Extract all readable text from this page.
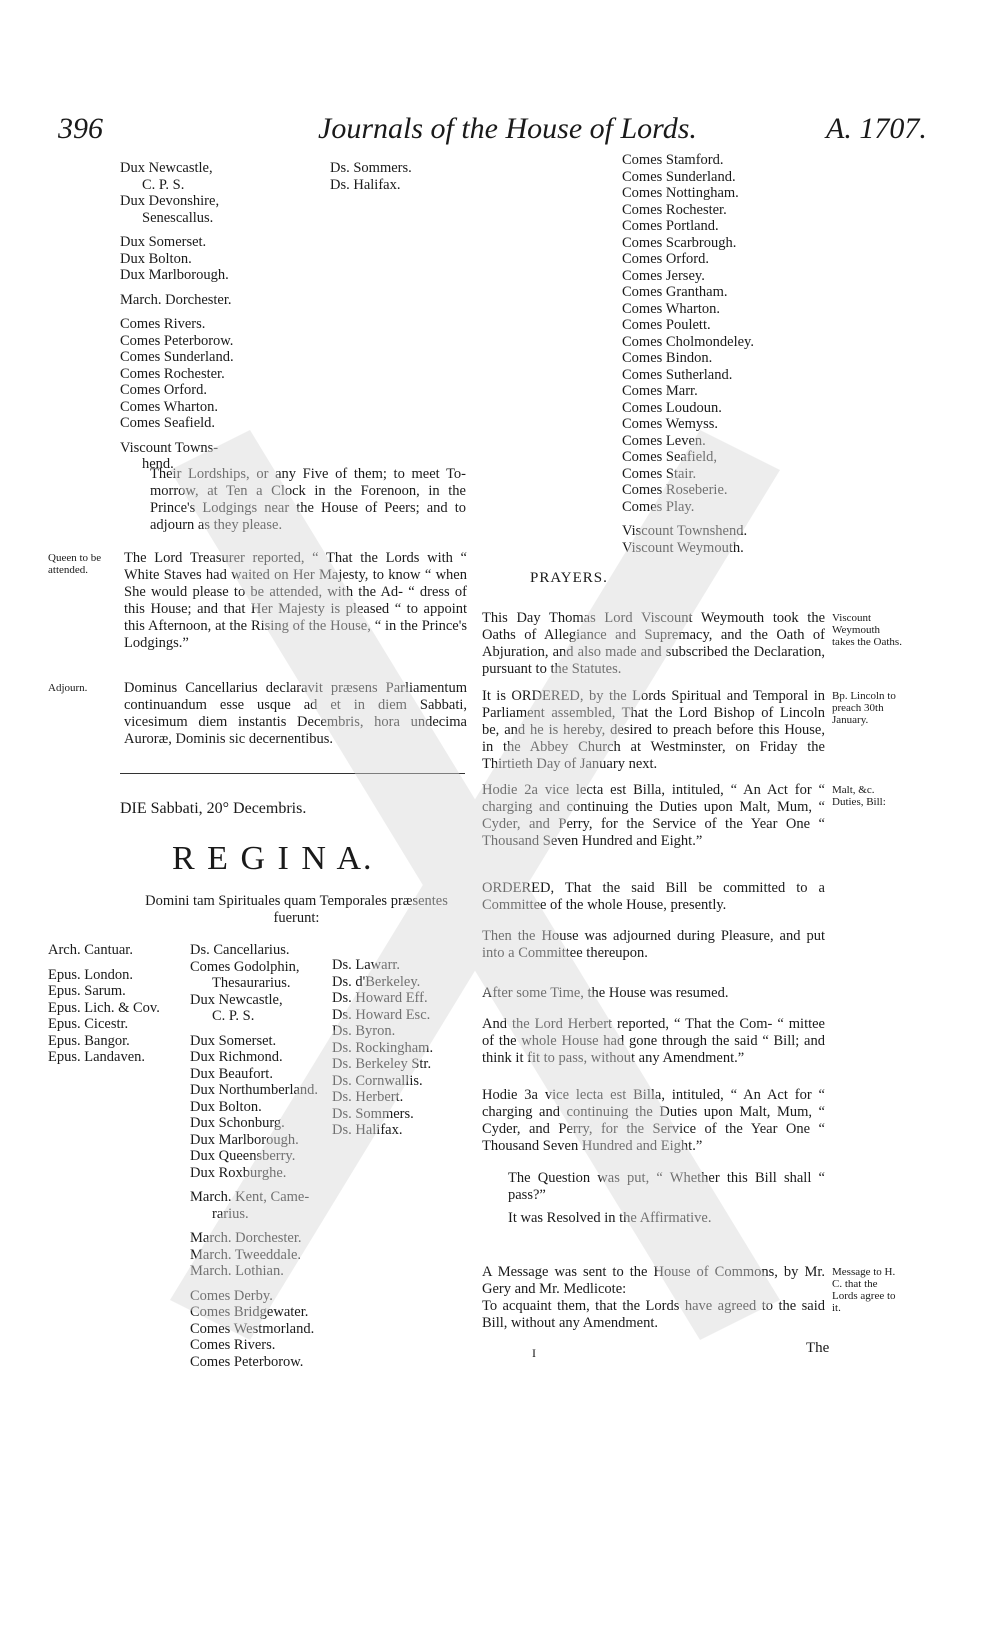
396	Journals of the House of Lords.	A. 1707.
Dux Newcastle,
C. P. S.
Dux Devonshire,
Senescallus.
Dux Somerset.
Dux Bolton.
Dux Marlborough.
March. Dorchester.
Comes Rivers.
Comes Peterborow.
Comes Sunderland.
Comes Rochester.
Comes Orford.
Comes Wharton.
Comes Seafield.
Viscount Towns-
hend.
Ds. Sommers.
Ds. Halifax.
Their Lordships, or any Five of them; to meet To-morrow, at Ten a Clock in the Forenoon, in the Prince's Lodgings near the House of Peers; and to adjourn as they please.
Comes Stamford.
Comes Sunderland.
Comes Nottingham.
Comes Rochester.
Comes Portland.
Comes Scarbrough.
Comes Orford.
Comes Jersey.
Comes Grantham.
Comes Wharton.
Comes Poulett.
Comes Cholmondeley.
Comes Bindon.
Comes Sutherland.
Comes Marr.
Comes Loudoun.
Comes Wemyss.
Comes Leven.
Comes Seafield,
Comes Stair.
Comes Roseberie.
Comes Play.
Viscount Townshend.
Viscount Weymouth.
Queen to be attended.
The Lord Treasurer reported, “ That the Lords with “ White Staves had waited on Her Majesty, to know “ when She would please to be attended, with the Ad- “ dress of this House; and that Her Majesty is pleased “ to appoint this Afternoon, at the Rising of the House, “ in the Prince's Lodgings.”
Adjourn.	Dominus Cancellarius declaravit præsens Parliamentum continuandum esse usque ad et in diem Sabbati, vicesimum diem instantis Decembris, hora undecima Auroræ, Dominis sic decernentibus.
DIE Sabbati, 20° Decembris.
R E G I N A.
Domini tam Spirituales quam Temporales præsentes fuerunt:
Arch. Cantuar.
Epus. London.
Epus. Sarum.
Epus. Lich. & Cov.
Epus. Cicestr.
Epus. Bangor.
Epus. Landaven.
Ds. Cancellarius.
Comes Godolphin,
Thesaurarius.
Dux Newcastle,
C. P. S.
Dux Somerset.
Dux Richmond.
Dux Beaufort.
Dux Northumberland.
Dux Bolton.
Dux Schonburg.
Dux Marlborough.
Dux Queensberry.
Dux Roxburghe.
March. Kent, Came-
rarius.
March. Dorchester.
March. Tweeddale.
March. Lothian.
Comes Derby.
Comes Bridgewater.
Comes Westmorland.
Comes Rivers.
Comes Peterborow.
Ds. Lawarr.
Ds. d'Berkeley.
Ds. Howard Eff.
Ds. Howard Esc.
Ds. Byron.
Ds. Rockingham.
Ds. Berkeley Str.
Ds. Cornwallis.
Ds. Herbert.
Ds. Sommers.
Ds. Halifax.
PRAYERS.
This Day Thomas Lord Viscount Weymouth took the Oaths of Allegiance and Supremacy, and the Oath of Abjuration, and also made and subscribed the Declaration, pursuant to the Statutes.
Viscount Weymouth takes the Oaths.
It is ORDERED, by the Lords Spiritual and Temporal in Parliament assembled, That the Lord Bishop of Lincoln be, and he is hereby, desired to preach before this House, in the Abbey Church at Westminster, on Friday the Thirtieth Day of January next.
Bp. Lincoln to preach 30th January.
Hodie 2a vice lecta est Billa, intituled, “ An Act for “ charging and continuing the Duties upon Malt, Mum, “ Cyder, and Perry, for the Service of the Year One “ Thousand Seven Hundred and Eight.”
Malt, &c. Duties, Bill:
ORDERED, That the said Bill be committed to a Committee of the whole House, presently.
Then the House was adjourned during Pleasure, and put into a Committee thereupon.
After some Time, the House was resumed.
And the Lord Herbert reported, “ That the Com- “ mittee of the whole House had gone through the said “ Bill; and think it fit to pass, without any Amendment.”
Hodie 3a vice lecta est Billa, intituled, “ An Act for “ charging and continuing the Duties upon Malt, Mum, “ Cyder, and Perry, for the Service of the Year One “ Thousand Seven Hundred and Eight.”
The Question was put, “ Whether this Bill shall “ pass?”
It was Resolved in the Affirmative.
A Message was sent to the House of Commons, by Mr. Gery and Mr. Medlicote:
Message to H. C. that the Lords agree to it.
To acquaint them, that the Lords have agreed to the said Bill, without any Amendment.
I	The
